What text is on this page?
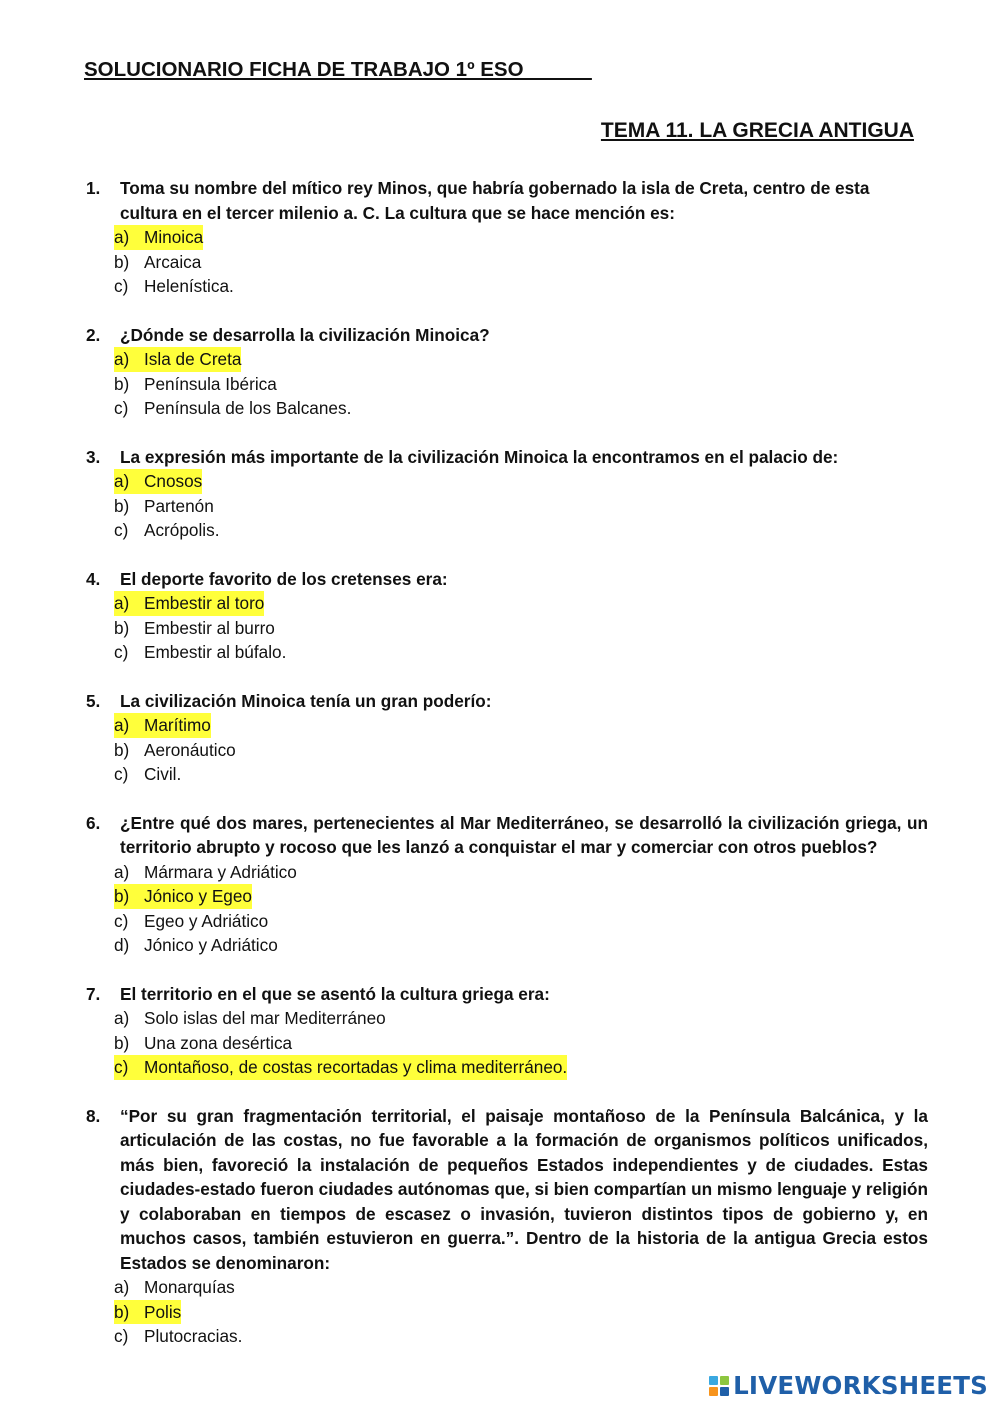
SOLUCIONARIO FICHA DE TRABAJO 1º ESO
TEMA 11. LA GRECIA ANTIGUA
1.	Toma su nombre del mítico rey Minos, que habría gobernado la isla de Creta, centro de esta cultura en el tercer milenio a. C. La cultura que se hace mención es:
a) Minoica
b) Arcaica
c) Helenística.
2.	¿Dónde se desarrolla la civilización Minoica?
a) Isla de Creta
b) Península Ibérica
c) Península de los Balcanes.
3.	La expresión más importante de la civilización Minoica la encontramos en el palacio de:
a) Cnosos
b) Partenón
c) Acrópolis.
4.	El deporte favorito de los cretenses era:
a) Embestir al toro
b) Embestir al burro
c) Embestir al búfalo.
5.	La civilización Minoica tenía un gran poderío:
a) Marítimo
b) Aeronáutico
c) Civil.
6.	¿Entre qué dos mares, pertenecientes al Mar Mediterráneo, se desarrolló la civilización griega, un territorio abrupto y rocoso que les lanzó a conquistar el mar y comerciar con otros pueblos?
a) Mármara y Adriático
b) Jónico y Egeo
c) Egeo y Adriático
d) Jónico y Adriático
7.	El territorio en el que se asentó la cultura griega era:
a) Solo islas del mar Mediterráneo
b) Una zona desértica
c) Montañoso, de costas recortadas y clima mediterráneo.
8.	“Por su gran fragmentación territorial, el paisaje montañoso de la Península Balcánica, y la articulación de las costas, no fue favorable a la formación de organismos políticos unificados, más bien, favoreció la instalación de pequeños Estados independientes y de ciudades. Estas ciudades-estado fueron ciudades autónomas que, si bien compartían un mismo lenguaje y religión y colaboraban en tiempos de escasez o invasión, tuvieron distintos tipos de gobierno y, en muchos casos, también estuvieron en guerra.”. Dentro de la historia de la antigua Grecia estos Estados se denominaron:
a) Monarquías
b) Polis
c) Plutocracias.
LIVEWORKSHEETS
